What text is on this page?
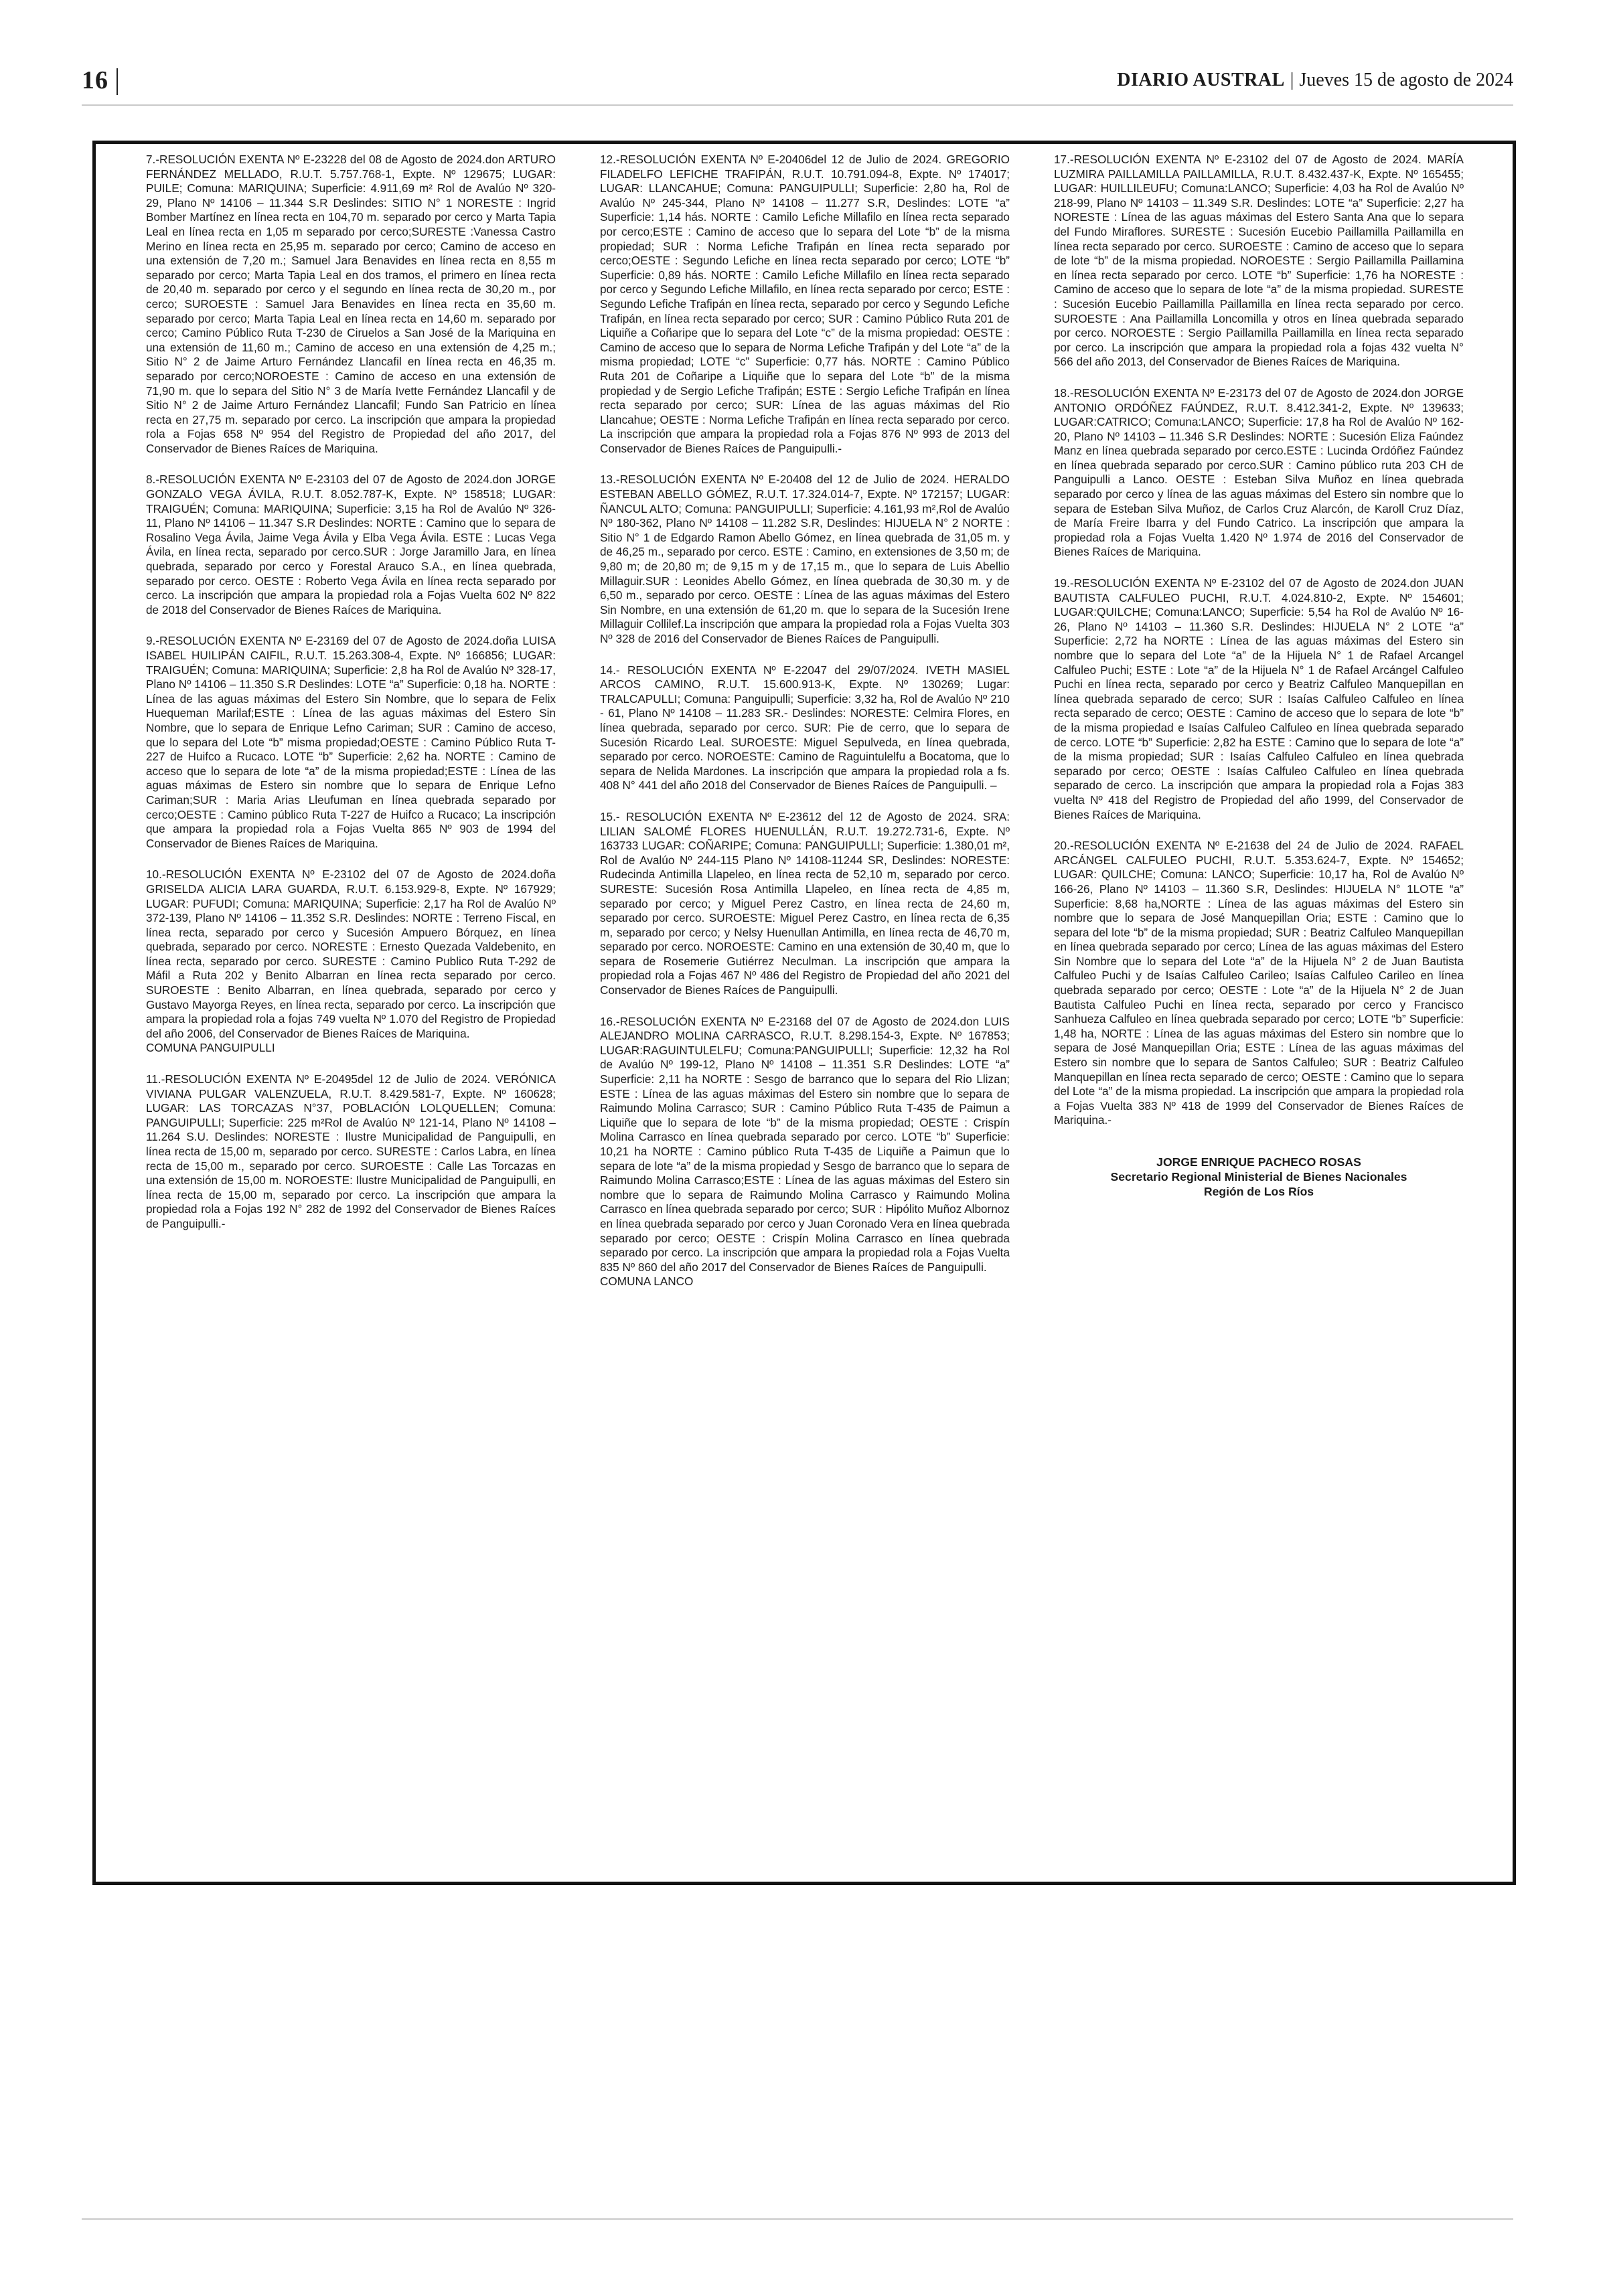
16	DIARIO AUSTRAL | Jueves 15 de agosto de 2024

7.-RESOLUCIÓN EXENTA Nº E-23228 del 08 de Agosto de 2024.don ARTURO FERNÁNDEZ MELLADO, R.U.T. 5.757.768-1, Expte. Nº 129675; LUGAR: PUILE; Comuna: MARIQUINA; Superficie: 4.911,69 m² Rol de Avalúo Nº 320-29, Plano Nº 14106 – 11.344 S.R Deslindes: SITIO N° 1 NORESTE : Ingrid Bomber Martínez en línea recta en 104,70 m. separado por cerco y Marta Tapia Leal en línea recta en 1,05 m separado por cerco;SURESTE :Vanessa Castro Merino en línea recta en 25,95 m. separado por cerco; Camino de acceso en una extensión de 7,20 m.; Samuel Jara Benavides en línea recta en 8,55 m separado por cerco; Marta Tapia Leal en dos tramos, el primero en línea recta de 20,40 m. separado por cerco y el segundo en línea recta de 30,20 m., por cerco; SUROESTE : Samuel Jara Benavides en línea recta en 35,60 m. separado por cerco; Marta Tapia Leal en línea recta en 14,60 m. separado por cerco; Camino Público Ruta T-230 de Ciruelos a San José de la Mariquina en una extensión de 11,60 m.; Camino de acceso en una extensión de 4,25 m.; Sitio N° 2 de Jaime Arturo Fernández Llancafil en línea recta en 46,35 m. separado por cerco;NOROESTE : Camino de acceso en una extensión de 71,90 m. que lo separa del Sitio N° 3 de María Ivette Fernández Llancafil y de Sitio N° 2 de Jaime Arturo Fernández Llancafil; Fundo San Patricio en línea recta en 27,75 m. separado por cerco. La inscripción que ampara la propiedad rola a Fojas 658 Nº 954 del Registro de Propiedad del año 2017, del Conservador de Bienes Raíces de Mariquina.

8.-RESOLUCIÓN EXENTA Nº E-23103 del 07 de Agosto de 2024.don JORGE GONZALO VEGA ÁVILA, R.U.T. 8.052.787-K, Expte. Nº 158518; LUGAR: TRAIGUÉN; Comuna: MARIQUINA; Superficie: 3,15 ha Rol de Avalúo Nº 326-11, Plano Nº 14106 – 11.347 S.R Deslindes: NORTE : Camino que lo separa de Rosalino Vega Ávila, Jaime Vega Ávila y Elba Vega Ávila. ESTE : Lucas Vega Ávila, en línea recta, separado por cerco.SUR : Jorge Jaramillo Jara, en línea quebrada, separado por cerco y Forestal Arauco S.A., en línea quebrada, separado por cerco. OESTE : Roberto Vega Ávila en línea recta separado por cerco. La inscripción que ampara la propiedad rola a Fojas Vuelta 602 Nº 822 de 2018 del Conservador de Bienes Raíces de Mariquina.

9.-RESOLUCIÓN EXENTA Nº E-23169 del 07 de Agosto de 2024.doña LUISA ISABEL HUILIPÁN CAIFIL, R.U.T. 15.263.308-4, Expte. Nº 166856; LUGAR: TRAIGUÉN; Comuna: MARIQUINA; Superficie: 2,8 ha Rol de Avalúo Nº 328-17, Plano Nº 14106 – 11.350 S.R Deslindes: LOTE “a” Superficie: 0,18 ha. NORTE : Línea de las aguas máximas del Estero Sin Nombre, que lo separa de Felix Huequeman Marilaf;ESTE : Línea de las aguas máximas del Estero Sin Nombre, que lo separa de Enrique Lefno Cariman; SUR : Camino de acceso, que lo separa del Lote “b” misma propiedad;OESTE : Camino Público Ruta T-227 de Huifco a Rucaco. LOTE “b” Superficie: 2,62 ha. NORTE : Camino de acceso que lo separa de lote “a” de la misma propiedad;ESTE : Línea de las aguas máximas de Estero sin nombre que lo separa de Enrique Lefno Cariman;SUR : Maria Arias Lleufuman en línea quebrada separado por cerco;OESTE : Camino público Ruta T-227 de Huifco a Rucaco; La inscripción que ampara la propiedad rola a Fojas Vuelta 865 Nº 903 de 1994 del Conservador de Bienes Raíces de Mariquina.

10.-RESOLUCIÓN EXENTA Nº E-23102 del 07 de Agosto de 2024.doña GRISELDA ALICIA LARA GUARDA, R.U.T. 6.153.929-8, Expte. Nº 167929; LUGAR: PUFUDI; Comuna: MARIQUINA; Superficie: 2,17 ha Rol de Avalúo Nº 372-139, Plano Nº 14106 – 11.352 S.R. Deslindes: NORTE : Terreno Fiscal, en línea recta, separado por cerco y Sucesión Ampuero Bórquez, en línea quebrada, separado por cerco. NORESTE : Ernesto Quezada Valdebenito, en línea recta, separado por cerco. SURESTE : Camino Publico Ruta T-292 de Máfil a Ruta 202 y Benito Albarran en línea recta separado por cerco. SUROESTE : Benito Albarran, en línea quebrada, separado por cerco y Gustavo Mayorga Reyes, en línea recta, separado por cerco. La inscripción que ampara la propiedad rola a fojas 749 vuelta Nº 1.070 del Registro de Propiedad del año 2006, del Conservador de Bienes Raíces de Mariquina.

COMUNA PANGUIPULLI

11.-RESOLUCIÓN EXENTA Nº E-20495del 12 de Julio de 2024. VERÓNICA VIVIANA PULGAR VALENZUELA, R.U.T. 8.429.581-7, Expte. Nº 160628; LUGAR: LAS TORCAZAS N°37, POBLACIÓN LOLQUELLEN; Comuna: PANGUIPULLI; Superficie: 225 m²Rol de Avalúo Nº 121-14, Plano Nº 14108 – 11.264 S.U. Deslindes: NORESTE : Ilustre Municipalidad de Panguipulli, en línea recta de 15,00 m, separado por cerco. SURESTE : Carlos Labra, en línea recta de 15,00 m., separado por cerco. SUROESTE : Calle Las Torcazas en una extensión de 15,00 m. NOROESTE: Ilustre Municipalidad de Panguipulli, en línea recta de 15,00 m, separado por cerco. La inscripción que ampara la propiedad rola a Fojas 192 N° 282 de 1992 del Conservador de Bienes Raíces de Panguipulli.-

12.-RESOLUCIÓN EXENTA Nº E-20406del 12 de Julio de 2024. GREGORIO FILADELFO LEFICHE TRAFIPÁN, R.U.T. 10.791.094-8, Expte. Nº 174017; LUGAR: LLANCAHUE; Comuna: PANGUIPULLI; Superficie: 2,80 ha, Rol de Avalúo Nº 245-344, Plano Nº 14108 – 11.277 S.R, Deslindes: LOTE “a” Superficie: 1,14 hás. NORTE : Camilo Lefiche Millafilo en línea recta separado por cerco;ESTE : Camino de acceso que lo separa del Lote “b” de la misma propiedad; SUR : Norma Lefiche Trafipán en línea recta separado por cerco;OESTE : Segundo Lefiche en línea recta separado por cerco; LOTE “b” Superficie: 0,89 hás. NORTE : Camilo Lefiche Millafilo en línea recta separado por cerco y Segundo Lefiche Millafilo, en línea recta separado por cerco; ESTE : Segundo Lefiche Trafipán en línea recta, separado por cerco y Segundo Lefiche Trafipán, en línea recta separado por cerco; SUR : Camino Público Ruta 201 de Liquiñe a Coñaripe que lo separa del Lote “c” de la misma propiedad: OESTE : Camino de acceso que lo separa de Norma Lefiche Trafipán y del Lote “a” de la misma propiedad; LOTE “c” Superficie: 0,77 hás. NORTE : Camino Público Ruta 201 de Coñaripe a Liquiñe que lo separa del Lote “b” de la misma propiedad y de Sergio Lefiche Trafipán; ESTE : Sergio Lefiche Trafipán en línea recta separado por cerco; SUR: Línea de las aguas máximas del Rio Llancahue; OESTE : Norma Lefiche Trafipán en línea recta separado por cerco. La inscripción que ampara la propiedad rola a Fojas 876 Nº 993 de 2013 del Conservador de Bienes Raíces de Panguipulli.-

13.-RESOLUCIÓN EXENTA Nº E-20408 del 12 de Julio de 2024. HERALDO ESTEBAN ABELLO GÓMEZ, R.U.T. 17.324.014-7, Expte. Nº 172157; LUGAR: ÑANCUL ALTO; Comuna: PANGUIPULLI; Superficie: 4.161,93 m²,Rol de Avalúo Nº 180-362, Plano Nº 14108 – 11.282 S.R, Deslindes: HIJUELA N° 2 NORTE : Sitio N° 1 de Edgardo Ramon Abello Gómez, en línea quebrada de 31,05 m. y de 46,25 m., separado por cerco. ESTE : Camino, en extensiones de 3,50 m; de 9,80 m; de 20,80 m; de 9,15 m y de 17,15 m., que lo separa de Luis Abellio Millaguir.SUR : Leonides Abello Gómez, en línea quebrada de 30,30 m. y de 6,50 m., separado por cerco. OESTE : Línea de las aguas máximas del Estero Sin Nombre, en una extensión de 61,20 m. que lo separa de la Sucesión Irene Millaguir Collilef.La inscripción que ampara la propiedad rola a Fojas Vuelta 303 Nº 328 de 2016 del Conservador de Bienes Raíces de Panguipulli.

14.- RESOLUCIÓN EXENTA Nº E-22047 del 29/07/2024. IVETH MASIEL ARCOS CAMINO, R.U.T. 15.600.913-K, Expte. Nº 130269; Lugar: TRALCAPULLI; Comuna: Panguipulli; Superficie: 3,32 ha, Rol de Avalúo Nº 210 - 61, Plano Nº 14108 – 11.283 SR.- Deslindes: NORESTE: Celmira Flores, en línea quebrada, separado por cerco. SUR: Pie de cerro, que lo separa de Sucesión Ricardo Leal. SUROESTE: Miguel Sepulveda, en línea quebrada, separado por cerco. NOROESTE: Camino de Raguintulelfu a Bocatoma, que lo separa de Nelida Mardones. La inscripción que ampara la propiedad rola a fs. 408 N° 441 del año 2018 del Conservador de Bienes Raíces de Panguipulli. –

15.- RESOLUCIÓN EXENTA Nº E-23612 del 12 de Agosto de 2024. SRA: LILIAN SALOMÉ FLORES HUENULLÁN, R.U.T. 19.272.731-6, Expte. Nº 163733 LUGAR: COÑARIPE; Comuna: PANGUIPULLI; Superficie: 1.380,01 m², Rol de Avalúo Nº 244-115 Plano Nº 14108-11244 SR, Deslindes: NORESTE: Rudecinda Antimilla Llapeleo, en línea recta de 52,10 m, separado por cerco. SURESTE: Sucesión Rosa Antimilla Llapeleo, en línea recta de 4,85 m, separado por cerco; y Miguel Perez Castro, en línea recta de 24,60 m, separado por cerco. SUROESTE: Miguel Perez Castro, en línea recta de 6,35 m, separado por cerco; y Nelsy Huenullan Antimilla, en línea recta de 46,70 m, separado por cerco. NOROESTE: Camino en una extensión de 30,40 m, que lo separa de Rosemerie Gutiérrez Neculman. La inscripción que ampara la propiedad rola a Fojas 467 Nº 486 del Registro de Propiedad del año 2021 del Conservador de Bienes Raíces de Panguipulli.

16.-RESOLUCIÓN EXENTA Nº E-23168 del 07 de Agosto de 2024.don LUIS ALEJANDRO MOLINA CARRASCO, R.U.T. 8.298.154-3, Expte. Nº 167853; LUGAR:RAGUINTULELFU; Comuna:PANGUIPULLI; Superficie: 12,32 ha Rol de Avalúo Nº 199-12, Plano Nº 14108 – 11.351 S.R Deslindes: LOTE “a” Superficie: 2,11 ha NORTE : Sesgo de barranco que lo separa del Rio Llizan; ESTE : Línea de las aguas máximas del Estero sin nombre que lo separa de Raimundo Molina Carrasco; SUR : Camino Público Ruta T-435 de Paimun a Liquiñe que lo separa de lote “b” de la misma propiedad; OESTE : Crispín Molina Carrasco en línea quebrada separado por cerco. LOTE “b” Superficie: 10,21 ha NORTE : Camino público Ruta T-435 de Liquiñe a Paimun que lo separa de lote “a” de la misma propiedad y Sesgo de barranco que lo separa de Raimundo Molina Carrasco;ESTE : Línea de las aguas máximas del Estero sin nombre que lo separa de Raimundo Molina Carrasco y Raimundo Molina Carrasco en línea quebrada separado por cerco; SUR : Hipólito Muñoz Albornoz en línea quebrada separado por cerco y Juan Coronado Vera en línea quebrada separado por cerco; OESTE : Crispín Molina Carrasco en línea quebrada separado por cerco. La inscripción que ampara la propiedad rola a Fojas Vuelta 835 Nº 860 del año 2017 del Conservador de Bienes Raíces de Panguipulli.

COMUNA LANCO

17.-RESOLUCIÓN EXENTA Nº E-23102 del 07 de Agosto de 2024. MARÍA LUZMIRA PAILLAMILLA PAILLAMILLA, R.U.T. 8.432.437-K, Expte. Nº 165455; LUGAR: HUILLILEUFU; Comuna:LANCO; Superficie: 4,03 ha Rol de Avalúo Nº 218-99, Plano Nº 14103 – 11.349 S.R. Deslindes: LOTE “a” Superficie: 2,27 ha NORESTE : Línea de las aguas máximas del Estero Santa Ana que lo separa del Fundo Miraflores. SURESTE : Sucesión Eucebio Paillamilla Paillamilla en línea recta separado por cerco. SUROESTE : Camino de acceso que lo separa de lote “b” de la misma propiedad. NOROESTE : Sergio Paillamilla Paillamina en línea recta separado por cerco. LOTE “b” Superficie: 1,76 ha NORESTE : Camino de acceso que lo separa de lote “a” de la misma propiedad. SURESTE : Sucesión Eucebio Paillamilla Paillamilla en línea recta separado por cerco. SUROESTE : Ana Paillamilla Loncomilla y otros en línea quebrada separado por cerco. NOROESTE : Sergio Paillamilla Paillamilla en línea recta separado por cerco. La inscripción que ampara la propiedad rola a fojas 432 vuelta N° 566 del año 2013, del Conservador de Bienes Raíces de Mariquina.

18.-RESOLUCIÓN EXENTA Nº E-23173 del 07 de Agosto de 2024.don JORGE ANTONIO ORDÓÑEZ FAÚNDEZ, R.U.T. 8.412.341-2, Expte. Nº 139633; LUGAR:CATRICO; Comuna:LANCO; Superficie: 17,8 ha Rol de Avalúo Nº 162-20, Plano Nº 14103 – 11.346 S.R Deslindes: NORTE : Sucesión Eliza Faúndez Manz en línea quebrada separado por cerco.ESTE : Lucinda Ordóñez Faúndez en línea quebrada separado por cerco.SUR : Camino público ruta 203 CH de Panguipulli a Lanco. OESTE : Esteban Silva Muñoz en línea quebrada separado por cerco y línea de las aguas máximas del Estero sin nombre que lo separa de Esteban Silva Muñoz, de Carlos Cruz Alarcón, de Karoll Cruz Díaz, de María Freire Ibarra y del Fundo Catrico. La inscripción que ampara la propiedad rola a Fojas Vuelta 1.420 Nº 1.974 de 2016 del Conservador de Bienes Raíces de Mariquina.

19.-RESOLUCIÓN EXENTA Nº E-23102 del 07 de Agosto de 2024.don JUAN BAUTISTA CALFULEO PUCHI, R.U.T. 4.024.810-2, Expte. Nº 154601; LUGAR:QUILCHE; Comuna:LANCO; Superficie: 5,54 ha Rol de Avalúo Nº 16-26, Plano Nº 14103 – 11.360 S.R. Deslindes: HIJUELA N° 2 LOTE “a” Superficie: 2,72 ha NORTE : Línea de las aguas máximas del Estero sin nombre que lo separa del Lote “a” de la Hijuela N° 1 de Rafael Arcangel Calfuleo Puchi; ESTE : Lote “a” de la Hijuela N° 1 de Rafael Arcángel Calfuleo Puchi en línea recta, separado por cerco y Beatriz Calfuleo Manquepillan en línea quebrada separado de cerco; SUR : Isaías Calfuleo Calfuleo en línea recta separado de cerco; OESTE : Camino de acceso que lo separa de lote “b” de la misma propiedad e Isaías Calfuleo Calfuleo en línea quebrada separado de cerco. LOTE “b” Superficie: 2,82 ha ESTE : Camino que lo separa de lote “a” de la misma propiedad; SUR : Isaías Calfuleo Calfuleo en línea quebrada separado por cerco; OESTE : Isaías Calfuleo Calfuleo en línea quebrada separado de cerco. La inscripción que ampara la propiedad rola a Fojas 383 vuelta Nº 418 del Registro de Propiedad del año 1999, del Conservador de Bienes Raíces de Mariquina.

20.-RESOLUCIÓN EXENTA Nº E-21638 del 24 de Julio de 2024. RAFAEL ARCÁNGEL CALFULEO PUCHI, R.U.T. 5.353.624-7, Expte. Nº 154652; LUGAR: QUILCHE; Comuna: LANCO; Superficie: 10,17 ha, Rol de Avalúo Nº 166-26, Plano Nº 14103 – 11.360 S.R, Deslindes: HIJUELA N° 1LOTE “a” Superficie: 8,68 ha,NORTE : Línea de las aguas máximas del Estero sin nombre que lo separa de José Manquepillan Oria; ESTE : Camino que lo separa del lote “b” de la misma propiedad; SUR : Beatriz Calfuleo Manquepillan en línea quebrada separado por cerco; Línea de las aguas máximas del Estero Sin Nombre que lo separa del Lote “a” de la Hijuela N° 2 de Juan Bautista Calfuleo Puchi y de Isaías Calfuleo Carileo; Isaías Calfuleo Carileo en línea quebrada separado por cerco; OESTE : Lote “a” de la Hijuela N° 2 de Juan Bautista Calfuleo Puchi en línea recta, separado por cerco y Francisco Sanhueza Calfuleo en línea quebrada separado por cerco; LOTE “b” Superficie: 1,48 ha, NORTE : Línea de las aguas máximas del Estero sin nombre que lo separa de José Manquepillan Oria; ESTE : Línea de las aguas máximas del Estero sin nombre que lo separa de Santos Calfuleo; SUR : Beatriz Calfuleo Manquepillan en línea recta separado de cerco; OESTE : Camino que lo separa del Lote “a” de la misma propiedad. La inscripción que ampara la propiedad rola a Fojas Vuelta 383 Nº 418 de 1999 del Conservador de Bienes Raíces de Mariquina.-

JORGE ENRIQUE PACHECO ROSAS
Secretario Regional Ministerial de Bienes Nacionales
Región de Los Ríos
